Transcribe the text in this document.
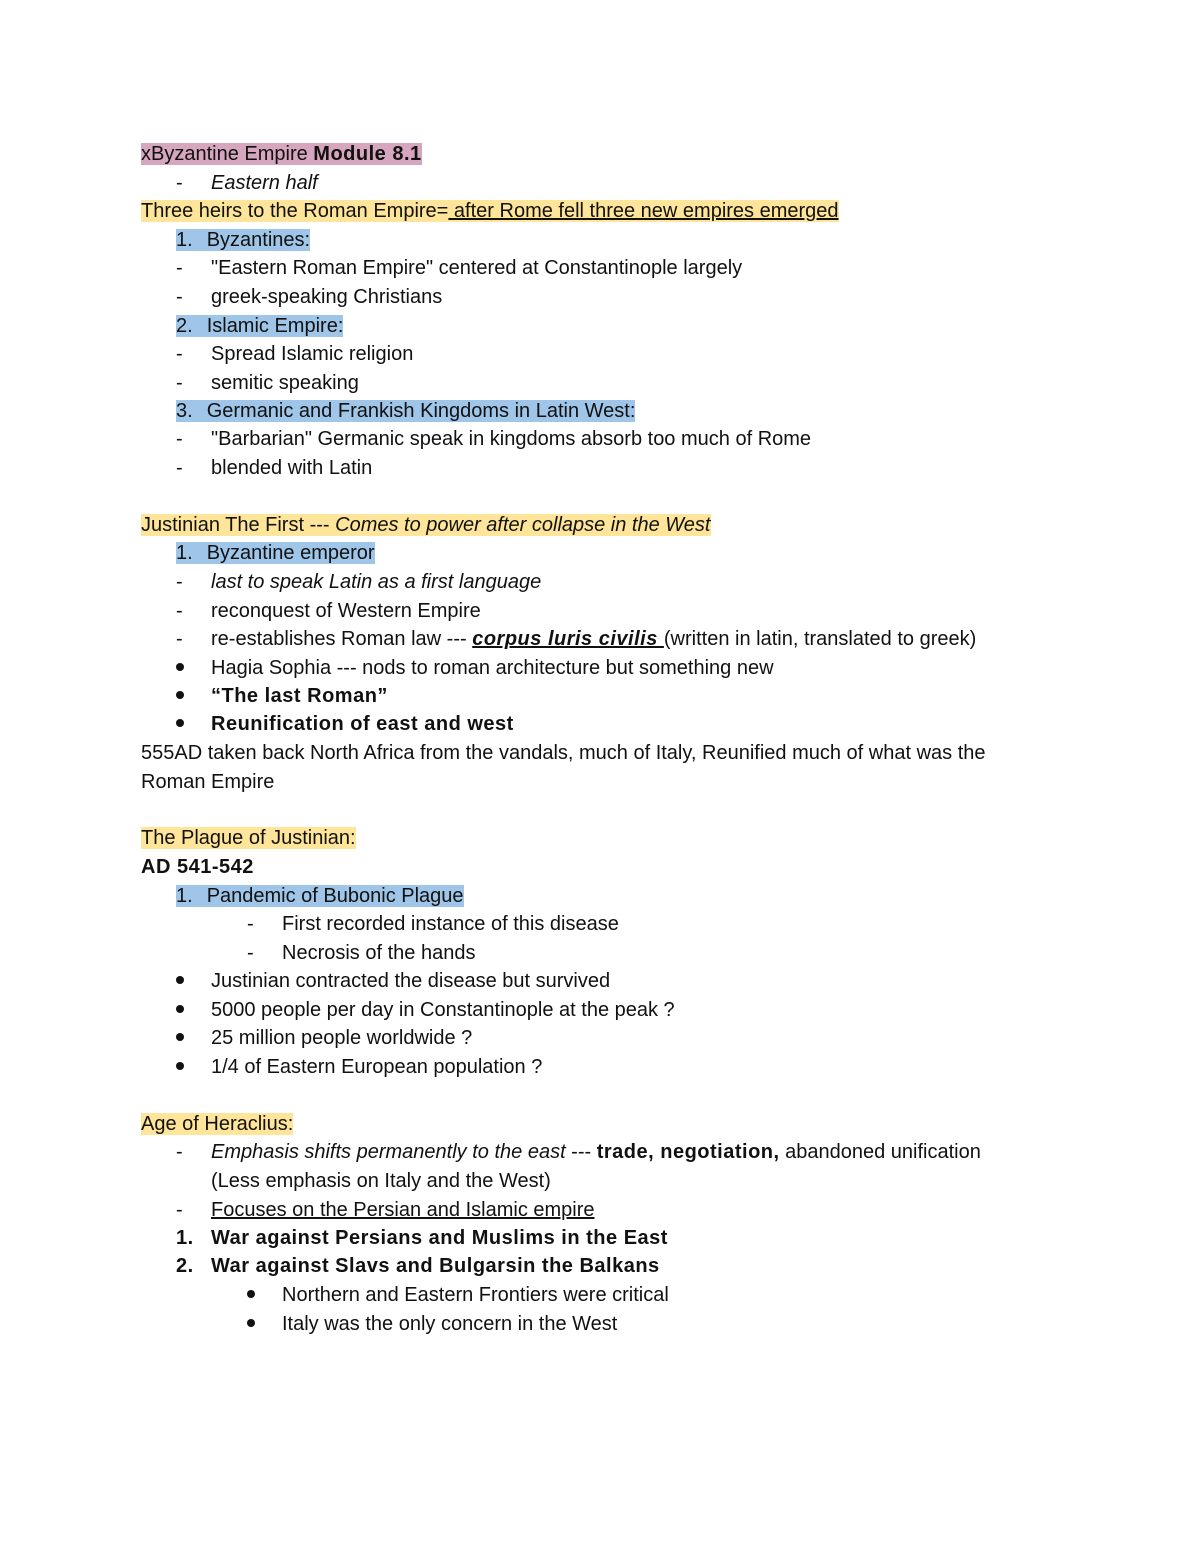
xByzantine Empire Module 8.1
- Eastern half
Three heirs to the Roman Empire= after Rome fell three new empires emerged
1. Byzantines:
- "Eastern Roman Empire" centered at Constantinople largely
- greek-speaking Christians
2. Islamic Empire:
- Spread Islamic religion
- semitic speaking
3. Germanic and Frankish Kingdoms in Latin West:
- "Barbarian" Germanic speak in kingdoms absorb too much of Rome
- blended with Latin
Justinian The First --- Comes to power after collapse in the West
1. Byzantine emperor
- last to speak Latin as a first language
- reconquest of Western Empire
- re-establishes Roman law --- corpus luris civilis (written in latin, translated to greek)
Hagia Sophia --- nods to roman architecture but something new
“The last Roman”
Reunification of east and west
555AD taken back North Africa from the vandals, much of Italy, Reunified much of what was the
Roman Empire
The Plague of Justinian:
AD 541-542
1. Pandemic of Bubonic Plague
- First recorded instance of this disease
- Necrosis of the hands
Justinian contracted the disease but survived
5000 people per day in Constantinople at the peak ?
25 million people worldwide ?
1/4 of Eastern European population ?
Age of Heraclius:
- Emphasis shifts permanently to the east --- trade, negotiation, abandoned unification
(Less emphasis on Italy and the West)
- Focuses on the Persian and Islamic empire
1. War against Persians and Muslims in the East
2. War against Slavs and Bulgarsin the Balkans
Northern and Eastern Frontiers were critical
Italy was the only concern in the West
